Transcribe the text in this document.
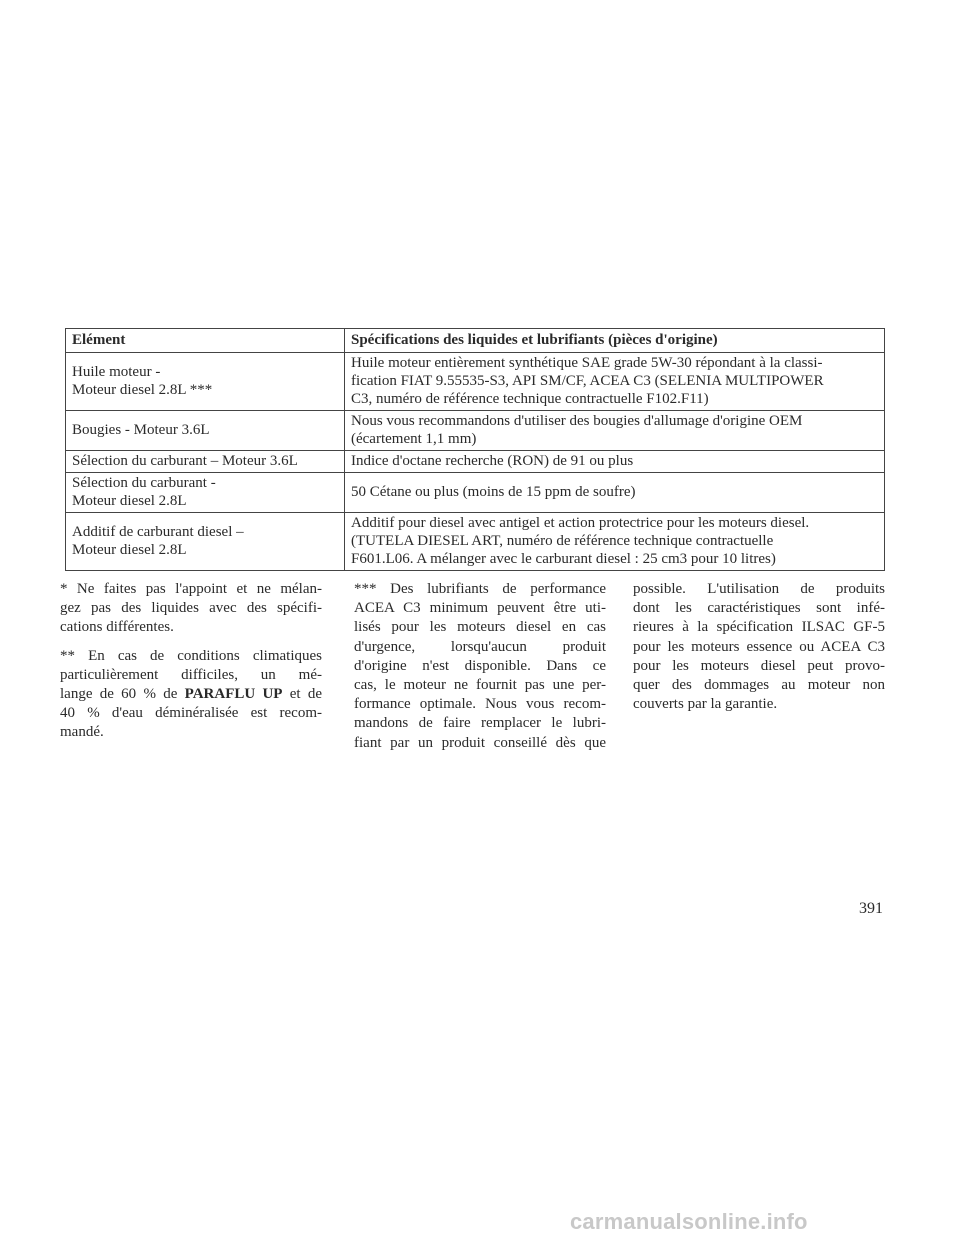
Elément	Spécifications des liquides et lubrifiants (pièces d'origine)

Huile moteur -
Moteur diesel 2.8L ***	Huile moteur entièrement synthétique SAE grade 5W-30 répondant à la classi-
fication FIAT 9.55535-S3, API SM/CF, ACEA C3 (SELENIA MULTIPOWER
C3, numéro de référence technique contractuelle F102.F11)

Bougies - Moteur 3.6L	Nous vous recommandons d'utiliser des bougies d'allumage d'origine OEM
(écartement 1,1 mm)

Sélection du carburant – Moteur 3.6L	Indice d'octane recherche (RON) de 91 ou plus

Sélection du carburant -
Moteur diesel 2.8L	50 Cétane ou plus (moins de 15 ppm de soufre)

Additif de carburant diesel –
Moteur diesel 2.8L	Additif pour diesel avec antigel et action protectrice pour les moteurs diesel.
(TUTELA DIESEL ART, numéro de référence technique contractuelle
F601.L06. A mélanger avec le carburant diesel : 25 cm3 pour 10 litres)

* Ne faites pas l'appoint et ne mélan-
gez pas des liquides avec des spécifi-
cations différentes.

** En cas de conditions climatiques
particulièrement difficiles, un mé-
lange de 60 % de PARAFLU UP et de
40 % d'eau déminéralisée est recom-
mandé.

*** Des lubrifiants de performance
ACEA C3 minimum peuvent être uti-
lisés pour les moteurs diesel en cas
d'urgence, lorsqu'aucun produit
d'origine n'est disponible. Dans ce
cas, le moteur ne fournit pas une per-
formance optimale. Nous vous recom-
mandons de faire remplacer le lubri-
fiant par un produit conseillé dès que

possible. L'utilisation de produits
dont les caractéristiques sont infé-
rieures à la spécification ILSAC GF-5
pour les moteurs essence ou ACEA C3
pour les moteurs diesel peut provo-
quer des dommages au moteur non
couverts par la garantie.

391
carmanualsonline.info
